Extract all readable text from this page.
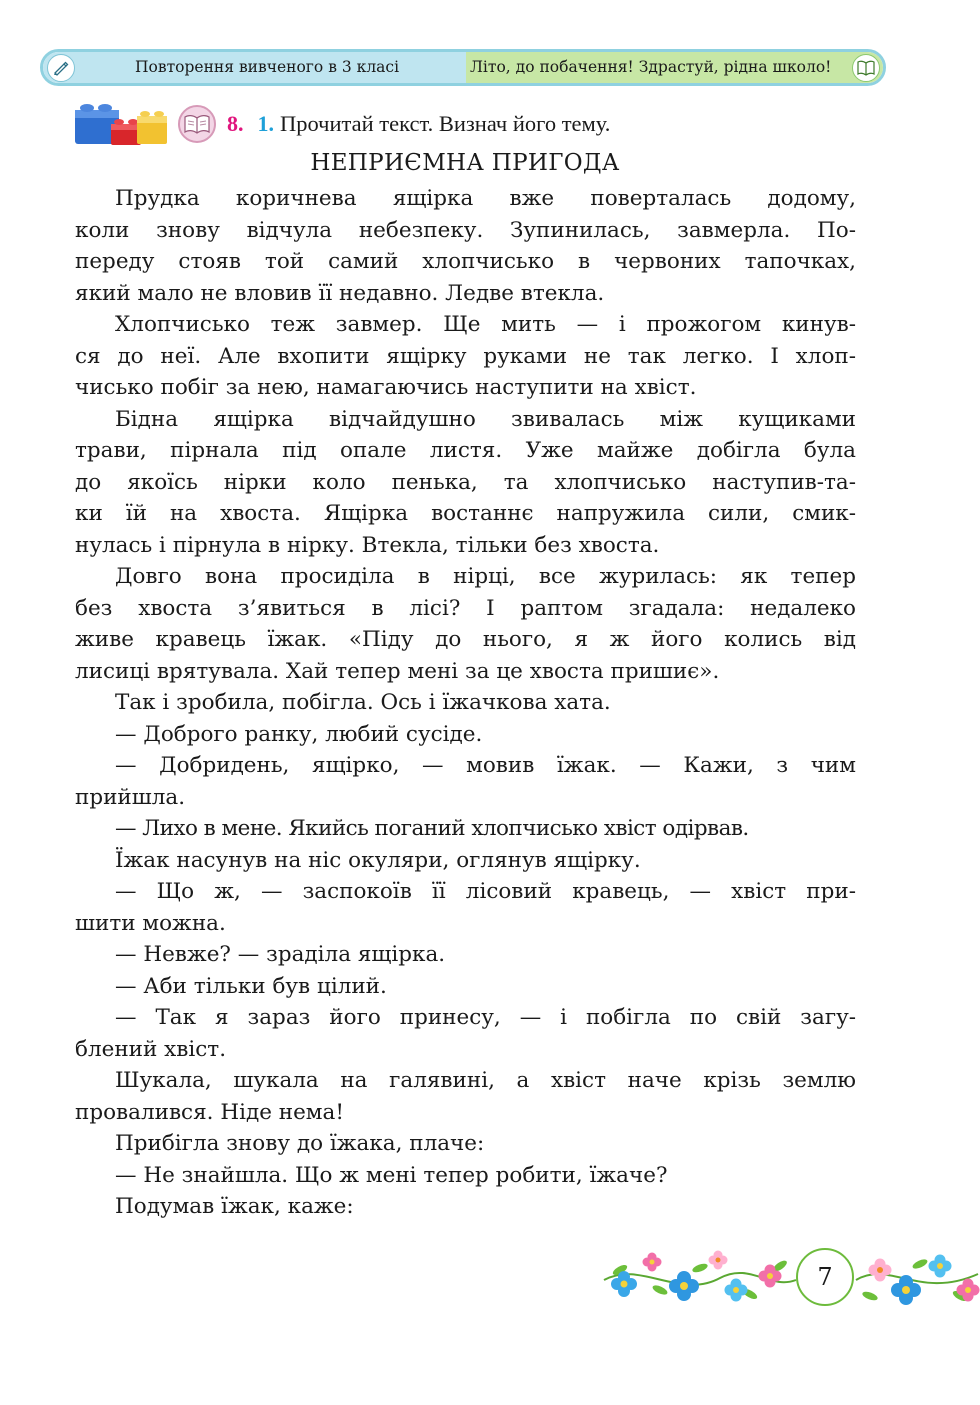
Повторення вивченого в 3 класі	Літо, до побачення! Здрастуй, рідна школо!
8. 1. Прочитай текст. Визнач його тему.
НЕПРИЄМНА ПРИГОДА
Прудка коричнева ящірка вже поверталась додому,
коли знову відчула небезпеку. Зупинилась, завмерла. По-
переду стояв той самий хлопчисько в червоних тапочках,
який мало не вловив її недавно. Ледве втекла.
Хлопчисько теж завмер. Ще мить — і прожогом кинув-
ся до неї. Але вхопити ящірку руками не так легко. І хлоп-
чисько побіг за нею, намагаючись наступити на хвіст.
Бідна ящірка відчайдушно звивалась між кущиками
трави, пірнала під опале листя. Уже майже добігла була
до якоїсь нірки коло пенька, та хлопчисько наступив-та-
ки їй на хвоста. Ящірка востаннє напружила сили, смик-
нулась і пірнула в нірку. Втекла, тільки без хвоста.
Довго вона просиділа в нірці, все журилась: як тепер
без хвоста з’явиться в лісі? І раптом згадала: недалеко
живе кравець їжак. «Піду до нього, я ж його колись від
лисиці врятувала. Хай тепер мені за це хвоста пришиє».
Так і зробила, побігла. Ось і їжачкова хата.
— Доброго ранку, любий сусіде.
— Добридень, ящірко, — мовив їжак. — Кажи, з чим
прийшла.
— Лихо в мене. Якийсь поганий хлопчисько хвіст одірвав.
Їжак насунув на ніс окуляри, оглянув ящірку.
— Що ж, — заспокоїв її лісовий кравець, — хвіст при-
шити можна.
— Невже? — зраділа ящірка.
— Аби тільки був цілий.
— Так я зараз його принесу, — і побігла по свій загу-
блений хвіст.
Шукала, шукала на галявині, а хвіст наче крізь землю
провалився. Ніде нема!
Прибігла знову до їжака, плаче:
— Не знайшла. Що ж мені тепер робити, їжаче?
Подумав їжак, каже:
7
